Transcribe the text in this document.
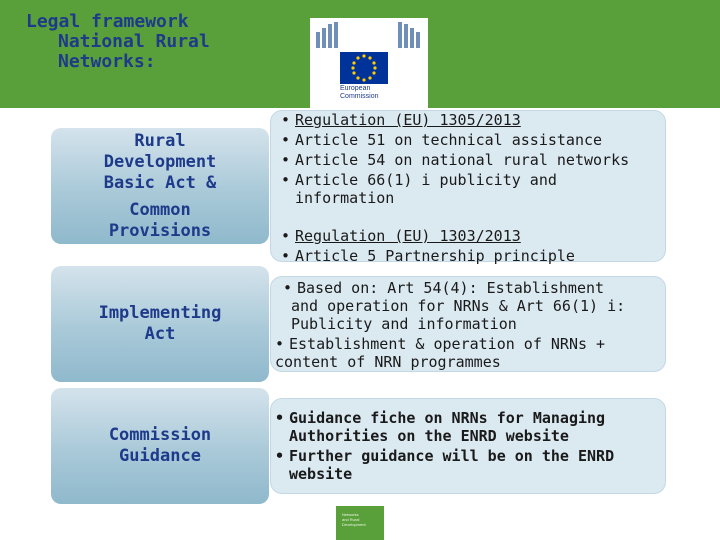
Legal framework
National Rural
Networks:
European
Commission
Rural
Development
Basic Act &
Common
Provisions
• Regulation (EU) 1305/2013
• Article 51 on technical assistance
• Article 54 on national rural networks
• Article 66(1) i publicity and
information
• Regulation (EU) 1303/2013
• Article 5 Partnership principle
Implementing
Act
• Based on: Art 54(4): Establishment
and operation for NRNs & Art 66(1) i:
Publicity and information
• Establishment & operation of NRNs +
content of NRN programmes
Commission
Guidance
• Guidance fiche on NRNs for Managing
Authorities on the ENRD website
• Further guidance will be on the ENRD
website
Networks
and Rural
Development
